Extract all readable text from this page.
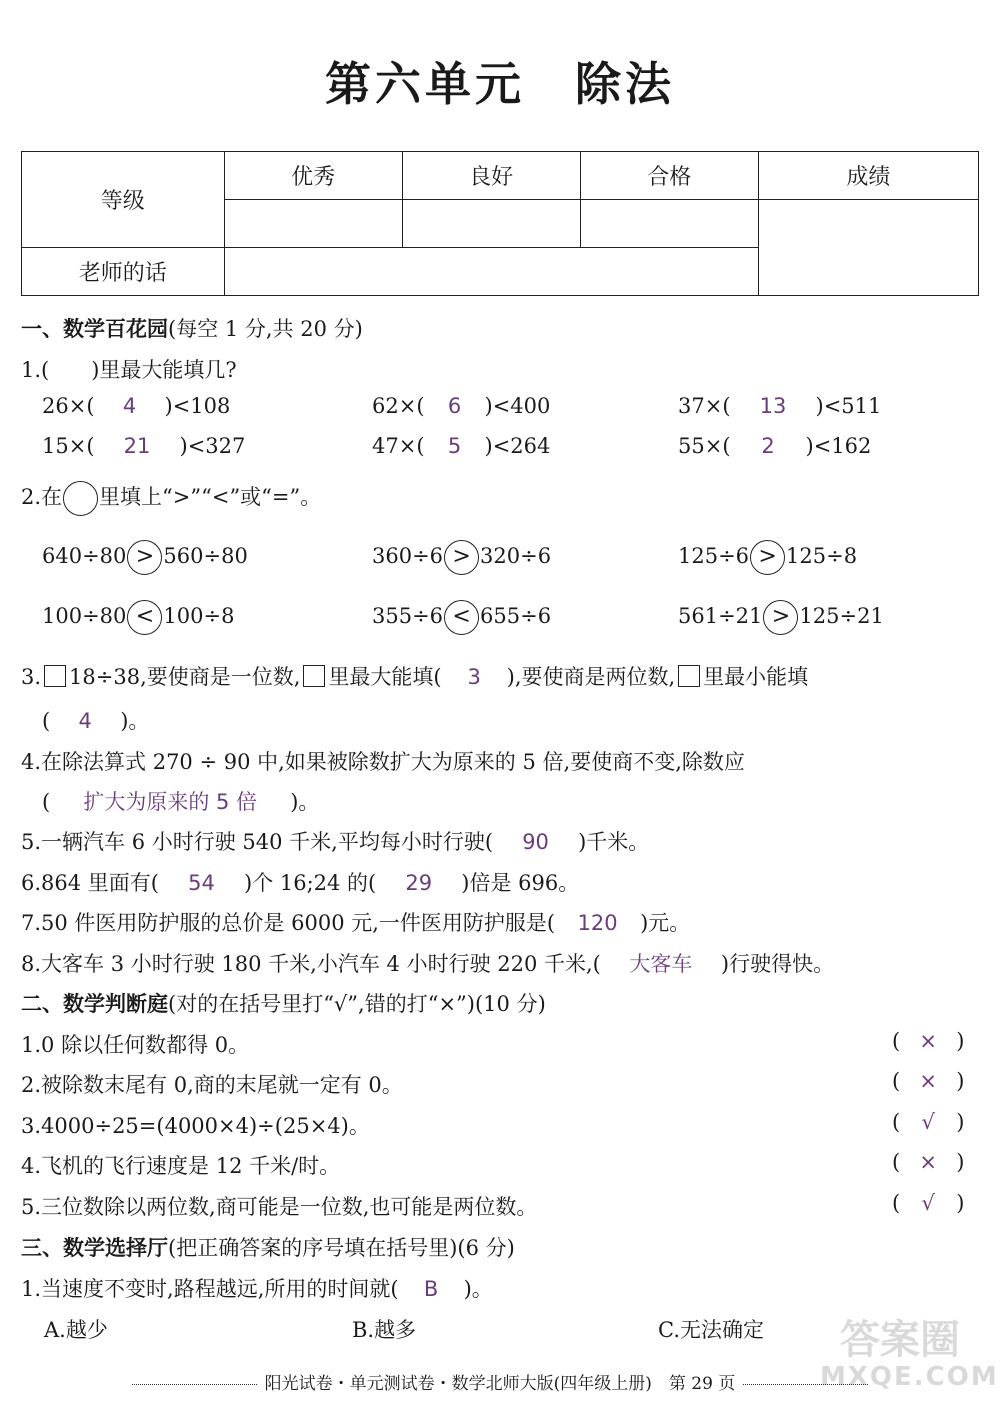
第六单元 除法
等级	优秀	良好	合格	成绩

老师的话				
一、数学百花园(每空 1 分,共 20 分)
1.(　　)里最大能填几?
26×( 4 )<108	62×( 6 )<400	37×( 13 )<511
15×( 21 )<327	47×( 5 )<264	55×( 2 )<162
2.在 里填上“>”“<”或“=”。
640÷80 > 560÷80	360÷6 > 320÷6	125÷6 > 125÷8
100÷80 < 100÷8	355÷6 < 655÷6	561÷21 > 125÷21
3. 18÷38,要使商是一位数, 里最大能填( 3 ),要使商是两位数, 里最小能填
( 4 )。
4.在除法算式 270 ÷ 90 中,如果被除数扩大为原来的 5 倍,要使商不变,除数应
( 扩大为原来的 5 倍 )。
5.一辆汽车 6 小时行驶 540 千米,平均每小时行驶( 90 )千米。
6.864 里面有( 54 )个 16;24 的( 29 )倍是 696。
7.50 件医用防护服的总价是 6000 元,一件医用防护服是( 120 )元。
8.大客车 3 小时行驶 180 千米,小汽车 4 小时行驶 220 千米,( 大客车 )行驶得快。
二、数学判断庭(对的在括号里打“√”,错的打“×”)(10 分)
1.0 除以任何数都得 0。	( × )
2.被除数末尾有 0,商的末尾就一定有 0。	( × )
3.4000÷25=(4000×4)÷(25×4)。	( √ )
4.飞机的飞行速度是 12 千米/时。	( × )
5.三位数除以两位数,商可能是一位数,也可能是两位数。	( √ )
三、数学选择厅(把正确答案的序号填在括号里)(6 分)
1.当速度不变时,路程越远,所用的时间就( B )。
A.越少	B.越多	C.无法确定 答案圈
MXQE.COM
阳光试卷・单元测试卷・数学北师大版(四年级上册)　第 29 页
